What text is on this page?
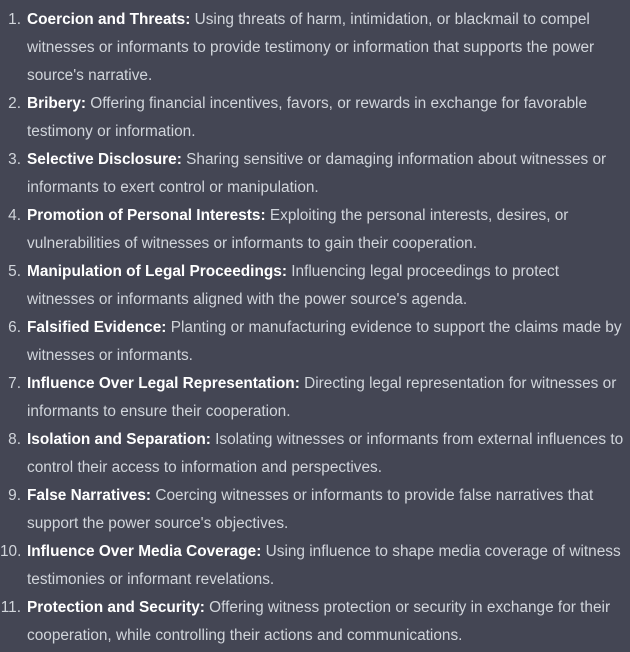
1. Coercion and Threats: Using threats of harm, intimidation, or blackmail to compel witnesses or informants to provide testimony or information that supports the power source's narrative.
2. Bribery: Offering financial incentives, favors, or rewards in exchange for favorable testimony or information.
3. Selective Disclosure: Sharing sensitive or damaging information about witnesses or informants to exert control or manipulation.
4. Promotion of Personal Interests: Exploiting the personal interests, desires, or vulnerabilities of witnesses or informants to gain their cooperation.
5. Manipulation of Legal Proceedings: Influencing legal proceedings to protect witnesses or informants aligned with the power source's agenda.
6. Falsified Evidence: Planting or manufacturing evidence to support the claims made by witnesses or informants.
7. Influence Over Legal Representation: Directing legal representation for witnesses or informants to ensure their cooperation.
8. Isolation and Separation: Isolating witnesses or informants from external influences to control their access to information and perspectives.
9. False Narratives: Coercing witnesses or informants to provide false narratives that support the power source's objectives.
10. Influence Over Media Coverage: Using influence to shape media coverage of witness testimonies or informant revelations.
11. Protection and Security: Offering witness protection or security in exchange for their cooperation, while controlling their actions and communications.
